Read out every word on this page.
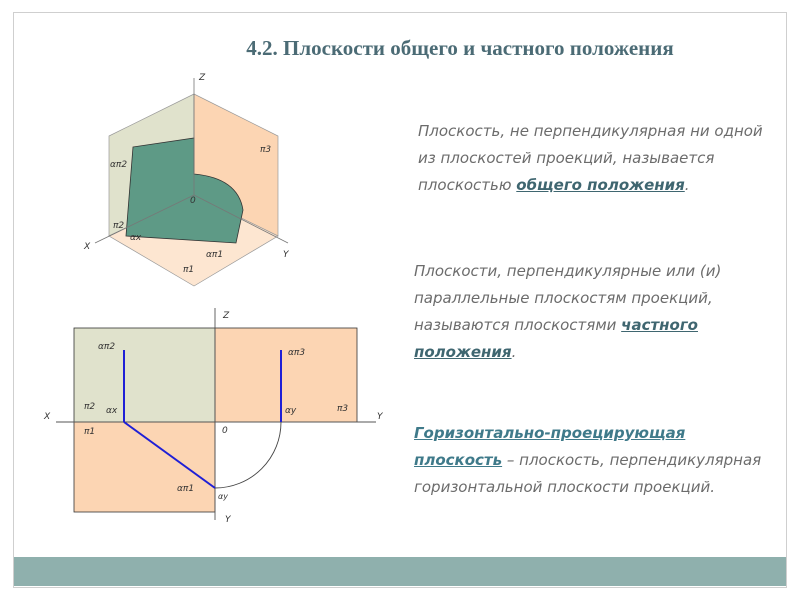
4.2. Плоскости общего и частного положения
Z
X
Y
0
απ2
π3
π2
αx
απ1
π1
Z
X	Y
Y
0
απ2
απ3
π2 αx	αy	π3
π1
απ1
αy
Плоскость, не перпендикулярная ни одной из плоскостей проекций, называется плоскостью общего положения.
Плоскости, перпендикулярные или (и) параллельные плоскостям проекций, называются плоскостями частного положения.
Горизонтально-проецирующая плоскость – плоскость, перпендикулярная горизонтальной плоскости проекций.
